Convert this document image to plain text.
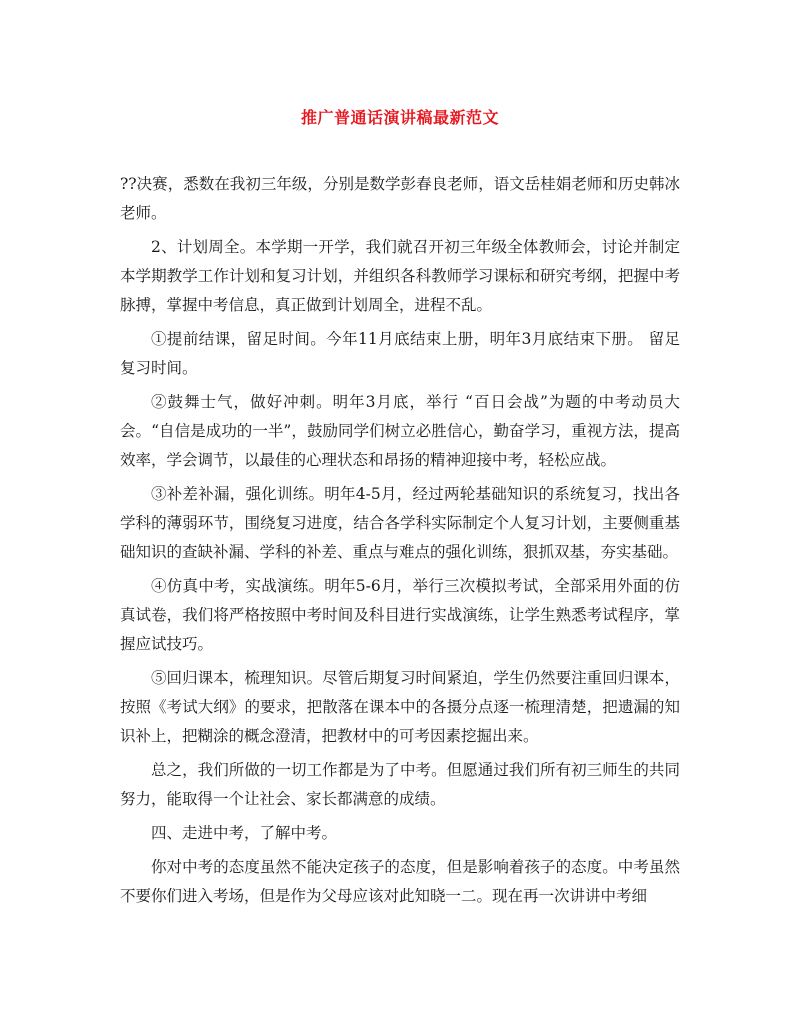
推广普通话演讲稿最新范文

??决赛，悉数在我初三年级，分别是数学彭春良老师，语文岳桂娟老师和历史韩冰老师。

2、计划周全。本学期一开学，我们就召开初三年级全体教师会，讨论并制定本学期教学工作计划和复习计划，并组织各科教师学习课标和研究考纲，把握中考脉搏，掌握中考信息，真正做到计划周全，进程不乱。

①提前结课，留足时间。今年11月底结束上册，明年3月底结束下册。 留足复习时间。

②鼓舞士气，做好冲刺。明年3月底，举行 “百日会战”为题的中考动员大会。“自信是成功的一半”，鼓励同学们树立必胜信心，勤奋学习，重视方法，提高效率，学会调节，以最佳的心理状态和昂扬的精神迎接中考，轻松应战。

③补差补漏，强化训练。明年4-5月，经过两轮基础知识的系统复习，找出各学科的薄弱环节，围绕复习进度，结合各学科实际制定个人复习计划，主要侧重基础知识的查缺补漏、学科的补差、重点与难点的强化训练，狠抓双基，夯实基础。

④仿真中考，实战演练。明年5-6月，举行三次模拟考试，全部采用外面的仿真试卷，我们将严格按照中考时间及科目进行实战演练，让学生熟悉考试程序，掌握应试技巧。

⑤回归课本，梳理知识。尽管后期复习时间紧迫，学生仍然要注重回归课本，按照《考试大纲》的要求，把散落在课本中的各摄分点逐一梳理清楚，把遗漏的知识补上，把糊涂的概念澄清，把教材中的可考因素挖掘出来。

总之，我们所做的一切工作都是为了中考。但愿通过我们所有初三师生的共同努力，能取得一个让社会、家长都满意的成绩。

四、走进中考，了解中考。

你对中考的态度虽然不能决定孩子的态度，但是影响着孩子的态度。中考虽然不要你们进入考场，但是作为父母应该对此知晓一二。现在再一次讲讲中考细
